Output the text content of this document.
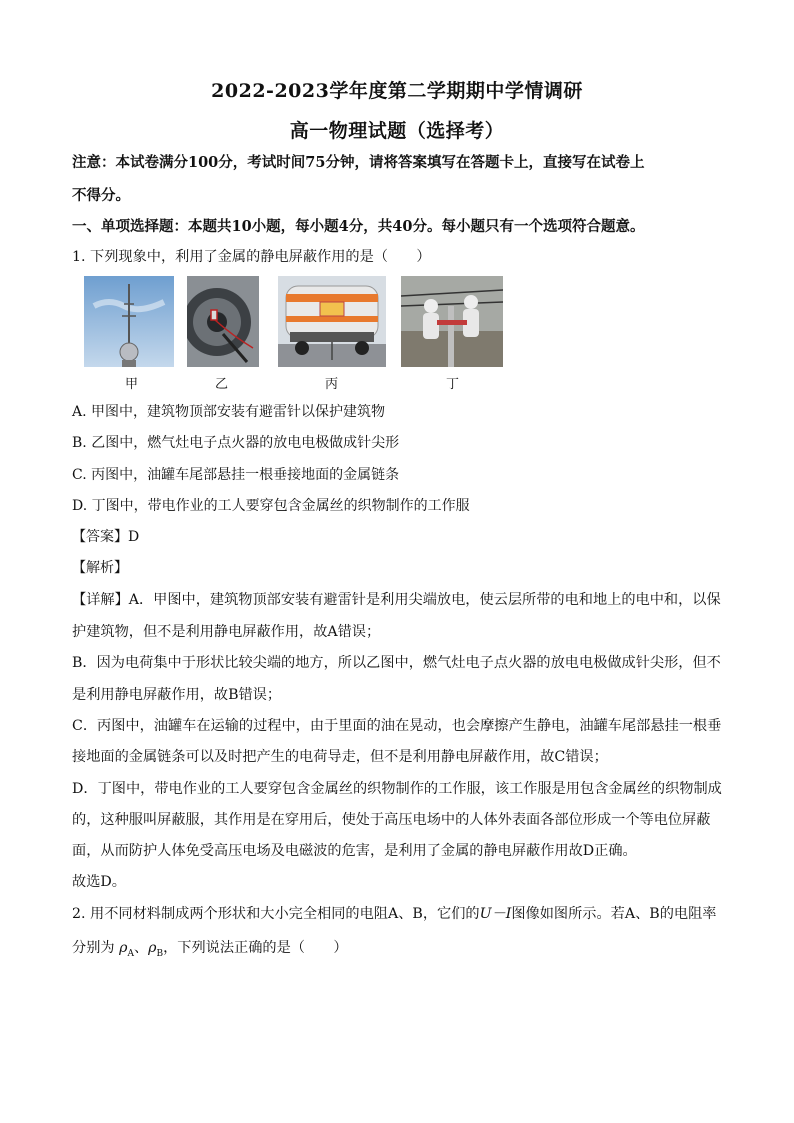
2022-2023学年度第二学期期中学情调研
高一物理试题（选择考）
注意：本试卷满分100分，考试时间75分钟，请将答案填写在答题卡上，直接写在试卷上
不得分。
一、单项选择题：本题共10小题，每小题4分，共40分。每小题只有一个选项符合题意。
1. 下列现象中，利用了金属的静电屏蔽作用的是（　　）
甲	乙	丙	丁
A. 甲图中，建筑物顶部安装有避雷针以保护建筑物
B. 乙图中，燃气灶电子点火器的放电电极做成针尖形
C. 丙图中，油罐车尾部悬挂一根垂接地面的金属链条
D. 丁图中，带电作业的工人要穿包含金属丝的织物制作的工作服
【答案】D
【解析】
【详解】A．甲图中，建筑物顶部安装有避雷针是利用尖端放电，使云层所带的电和地上的电中和，以保
护建筑物，但不是利用静电屏蔽作用，故A错误；
B．因为电荷集中于形状比较尖端的地方，所以乙图中，燃气灶电子点火器的放电电极做成针尖形，但不
是利用静电屏蔽作用，故B错误；
C．丙图中，油罐车在运输的过程中，由于里面的油在晃动，也会摩擦产生静电，油罐车尾部悬挂一根垂
接地面的金属链条可以及时把产生的电荷导走，但不是利用静电屏蔽作用，故C错误；
D．丁图中，带电作业的工人要穿包含金属丝的织物制作的工作服，该工作服是用包含金属丝的织物制成
的，这种服叫屏蔽服，其作用是在穿用后，使处于高压电场中的人体外表面各部位形成一个等电位屏蔽
面，从而防护人体免受高压电场及电磁波的危害，是利用了金属的静电屏蔽作用故D正确。
故选D。
2. 用不同材料制成两个形状和大小完全相同的电阻A、B，它们的U－I图像如图所示。若A、B的电阻率
分别为 $\rho_A$、$\rho_B$，下列说法正确的是（　　）
